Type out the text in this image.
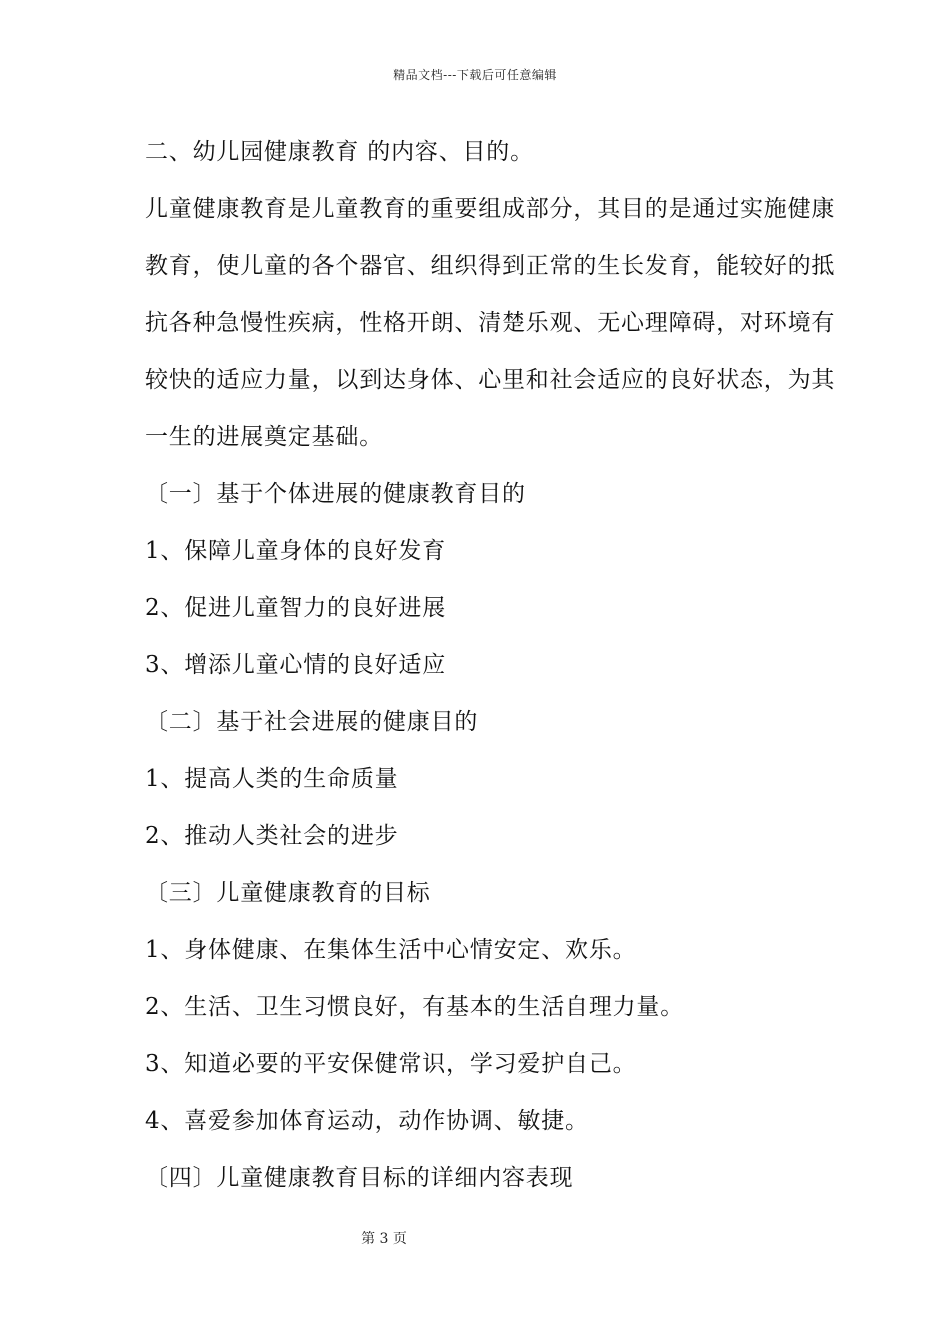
精品文档---下载后可任意编辑
二、幼儿园健康教育 的内容、目的。
儿童健康教育是儿童教育的重要组成部分，其目的是通过实施健康
教育，使儿童的各个器官、组织得到正常的生长发育，能较好的抵
抗各种急慢性疾病，性格开朗、清楚乐观、无心理障碍，对环境有
较快的适应力量，以到达身体、心里和社会适应的良好状态，为其
一生的进展奠定基础。
〔一〕基于个体进展的健康教育目的
1、保障儿童身体的良好发育
2、促进儿童智力的良好进展
3、增添儿童心情的良好适应
〔二〕基于社会进展的健康目的
1、提高人类的生命质量
2、推动人类社会的进步
〔三〕儿童健康教育的目标
1、身体健康、在集体生活中心情安定、欢乐。
2、生活、卫生习惯良好，有基本的生活自理力量。
3、知道必要的平安保健常识，学习爱护自己。
4、喜爱参加体育运动，动作协调、敏捷。
〔四〕儿童健康教育目标的详细内容表现
第 3 页
